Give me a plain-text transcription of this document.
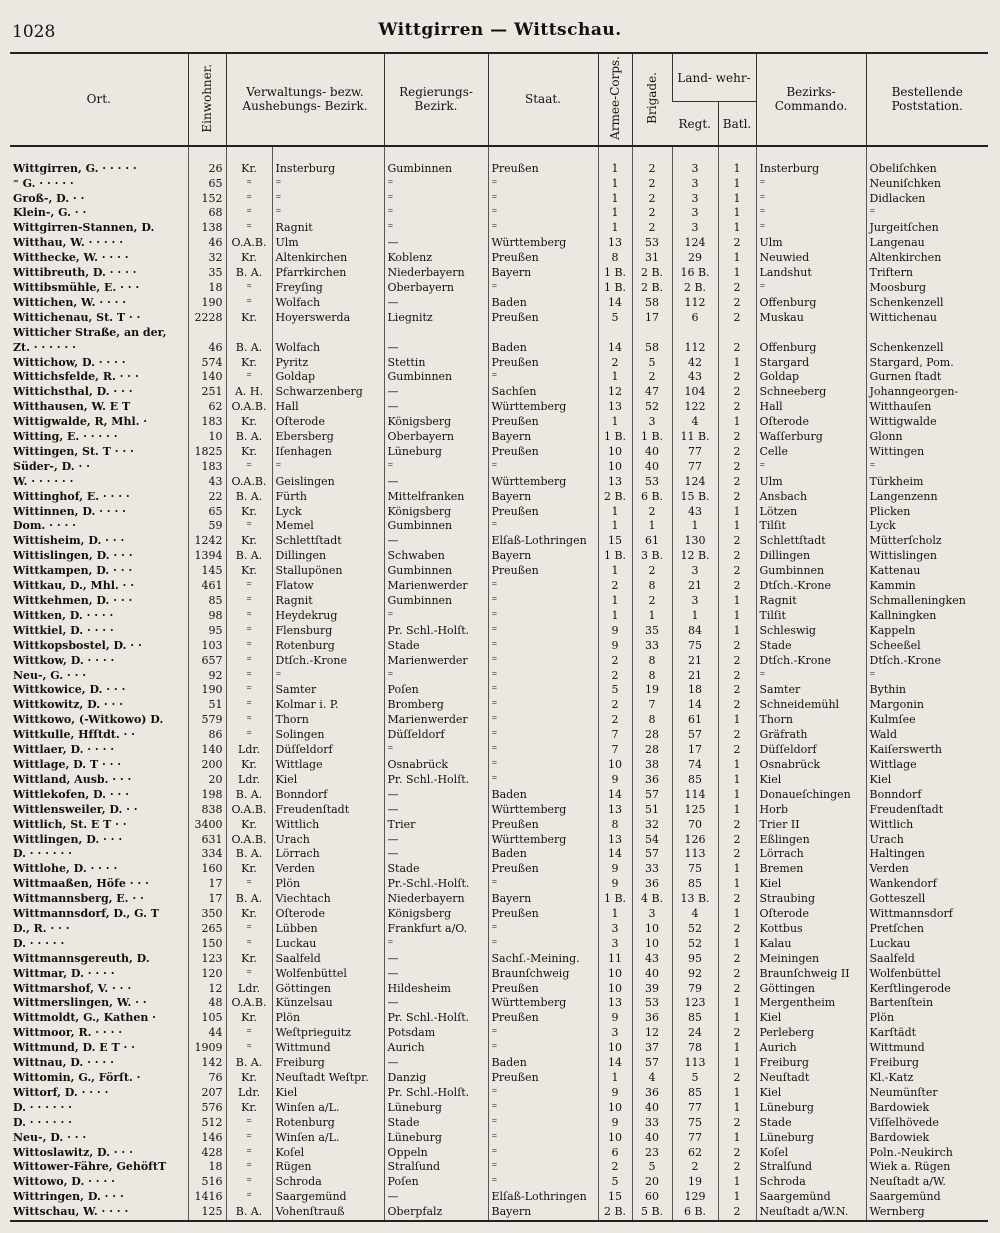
1028	Wittgirren — Wittschau.
Ort.	Einwohner.	Verwaltungs- bezw. Aushebungs- Bezirk.		Regierungs- Bezirk.	Staat.	Armee-Corps.	Brigade.	Land- wehr-		Bezirks- Commando.	Bestellende Poststation.
								Regt.	Batl.		

Wittgirren, G. · · · · ·	26	Kr.	Insterburg	Gumbinnen	Preußen	1	2	3	1	Insterburg	Obeliſchken
⁼ G. · · · · ·	65	⁼	⁼	⁼	⁼	1	2	3	1	⁼	Neuniſchken
Groß-, D. · ·	152	⁼	⁼	⁼	⁼	1	2	3	1	⁼	Didlacken
Klein-, G. · ·	68	⁼	⁼	⁼	⁼	1	2	3	1	⁼	⁼
Wittgirren-Stannen, D.	138	⁼	Ragnit	⁼	⁼	1	2	3	1	⁼	Jurgeitſchen
Witthau, W. · · · · ·	46	O.A.B.	Ulm	—	Württemberg	13	53	124	2	Ulm	Langenau
Witthecke, W. · · · ·	32	Kr.	Altenkirchen	Koblenz	Preußen	8	31	29	1	Neuwied	Altenkirchen
Wittibreuth, D. · · · ·	35	B. A.	Pfarrkirchen	Niederbayern	Bayern	1 B.	2 B.	16 B.	1	Landshut	Triftern
Wittibsmühle, E. · · ·	18	⁼	Freyſing	Oberbayern	⁼	1 B.	2 B.	2 B.	2	⁼	Moosburg
Wittichen, W. · · · ·	190	⁼	Wolfach	—	Baden	14	58	112	2	Offenburg	Schenkenzell
Wittichenau, St. T · ·	2228	Kr.	Hoyerswerda	Liegnitz	Preußen	5	17	6	2	Muskau	Wittichenau
Witticher Straße, an der,											
Zt. · · · · · ·	46	B. A.	Wolfach	—	Baden	14	58	112	2	Offenburg	Schenkenzell
Wittichow, D. · · · ·	574	Kr.	Pyritz	Stettin	Preußen	2	5	42	1	Stargard	Stargard, Pom.
Wittichsfelde, R. · · ·	140	⁼	Goldap	Gumbinnen	⁼	1	2	43	2	Goldap	Gurnen ſtadt
Wittichsthal, D. · · ·	251	A. H.	Schwarzenberg	—	Sachſen	12	47	104	2	Schneeberg	Johanngeorgen-
Witthausen, W. E T	62	O.A.B.	Hall	—	Württemberg	13	52	122	2	Hall	Witthauſen
Wittigwalde, R, Mhl. ·	183	Kr.	Oſterode	Königsberg	Preußen	1	3	4	1	Oſterode	Wittigwalde
Witting, E. · · · · ·	10	B. A.	Ebersberg	Oberbayern	Bayern	1 B.	1 B.	11 B.	2	Waſſerburg	Glonn
Wittingen, St. T · · ·	1825	Kr.	Iſenhagen	Lüneburg	Preußen	10	40	77	2	Celle	Wittingen
Süder-, D. · ·	183	⁼	⁼	⁼	⁼	10	40	77	2	⁼	⁼
W. · · · · · ·	43	O.A.B.	Geislingen	—	Württemberg	13	53	124	2	Ulm	Türkheim
Wittinghof, E. · · · ·	22	B. A.	Fürth	Mittelfranken	Bayern	2 B.	6 B.	15 B.	2	Ansbach	Langenzenn
Wittinnen, D. · · · ·	65	Kr.	Lyck	Königsberg	Preußen	1	2	43	1	Lötzen	Plicken
Dom. · · · ·	59	⁼	Memel	Gumbinnen	⁼	1	1	1	1	Tilſit	Lyck
Wittisheim, D. · · ·	1242	Kr.	Schlettſtadt	—	Elſaß-Lothringen	15	61	130	2	Schlettſtadt	Mütterſcholz
Wittislingen, D. · · ·	1394	B. A.	Dillingen	Schwaben	Bayern	1 B.	3 B.	12 B.	2	Dillingen	Wittislingen
Wittkampen, D. · · ·	145	Kr.	Stallupönen	Gumbinnen	Preußen	1	2	3	2	Gumbinnen	Kattenau
Wittkau, D., Mhl. · ·	461	⁼	Flatow	Marienwerder	⁼	2	8	21	2	Dtſch.-Krone	Kammin
Wittkehmen, D. · · ·	85	⁼	Ragnit	Gumbinnen	⁼	1	2	3	1	Ragnit	Schmalleningken
Wittken, D. · · · ·	98	⁼	Heydekrug	⁼	⁼	1	1	1	1	Tilſit	Kallningken
Wittkiel, D. · · · ·	95	⁼	Flensburg	Pr. Schl.-Holſt.	⁼	9	35	84	1	Schleswig	Kappeln
Wittkopsbostel, D. · ·	103	⁼	Rotenburg	Stade	⁼	9	33	75	2	Stade	Scheeßel
Wittkow, D. · · · ·	657	⁼	Dtſch.-Krone	Marienwerder	⁼	2	8	21	2	Dtſch.-Krone	Dtſch.-Krone
Neu-, G. · · ·	92	⁼	⁼	⁼	⁼	2	8	21	2	⁼	⁼
Wittkowice, D. · · ·	190	⁼	Samter	Poſen	⁼	5	19	18	2	Samter	Bythin
Wittkowitz, D. · · ·	51	⁼	Kolmar i. P.	Bromberg	⁼	2	7	14	2	Schneidemühl	Margonin
Wittkowo, (-Witkowo) D.	579	⁼	Thorn	Marienwerder	⁼	2	8	61	1	Thorn	Kulmſee
Wittkulle, Hfſtdt. · ·	86	⁼	Solingen	Düſſeldorf	⁼	7	28	57	2	Gräfrath	Wald
Wittlaer, D. · · · ·	140	Ldr.	Düſſeldorf	⁼	⁼	7	28	17	2	Düſſeldorf	Kaiſerswerth
Wittlage, D. T · · ·	200	Kr.	Wittlage	Osnabrück	⁼	10	38	74	1	Osnabrück	Wittlage
Wittland, Ausb. · · ·	20	Ldr.	Kiel	Pr. Schl.-Holſt.	⁼	9	36	85	1	Kiel	Kiel
Wittlekofen, D. · · ·	198	B. A.	Bonndorf	—	Baden	14	57	114	1	Donaueſchingen	Bonndorf
Wittlensweiler, D. · ·	838	O.A.B.	Freudenſtadt	—	Württemberg	13	51	125	1	Horb	Freudenſtadt
Wittlich, St. E T · ·	3400	Kr.	Wittlich	Trier	Preußen	8	32	70	2	Trier II	Wittlich
Wittlingen, D. · · ·	631	O.A.B.	Urach	—	Württemberg	13	54	126	2	Eßlingen	Urach
D. · · · · · ·	334	B. A.	Lörrach	—	Baden	14	57	113	2	Lörrach	Haltingen
Wittlohe, D. · · · ·	160	Kr.	Verden	Stade	Preußen	9	33	75	1	Bremen	Verden
Wittmaaßen, Höfe · · ·	17	⁼	Plön	Pr.-Schl.-Holſt.	⁼	9	36	85	1	Kiel	Wankendorf
Wittmannsberg, E. · ·	17	B. A.	Viechtach	Niederbayern	Bayern	1 B.	4 B.	13 B.	2	Straubing	Gotteszell
Wittmannsdorf, D., G. T	350	Kr.	Oſterode	Königsberg	Preußen	1	3	4	1	Oſterode	Wittmannsdorf
D., R. · · ·	265	⁼	Lübben	Frankfurt a/O.	⁼	3	10	52	2	Kottbus	Pretſchen
D. · · · · ·	150	⁼	Luckau	⁼	⁼	3	10	52	1	Kalau	Luckau
Wittmannsgereuth, D.	123	Kr.	Saalfeld	—	Sachſ.-Meining.	11	43	95	2	Meiningen	Saalfeld
Wittmar, D. · · · ·	120	⁼	Wolfenbüttel	—	Braunſchweig	10	40	92	2	Braunſchweig II	Wolfenbüttel
Wittmarshof, V. · · ·	12	Ldr.	Göttingen	Hildesheim	Preußen	10	39	79	2	Göttingen	Kerſtlingerode
Wittmerslingen, W. · ·	48	O.A.B.	Künzelsau	—	Württemberg	13	53	123	1	Mergentheim	Bartenſtein
Wittmoldt, G., Kathen ·	105	Kr.	Plön	Pr. Schl.-Holſt.	Preußen	9	36	85	1	Kiel	Plön
Wittmoor, R. · · · ·	44	⁼	Weſtprieguitz	Potsdam	⁼	3	12	24	2	Perleberg	Karſtädt
Wittmund, D. E T · ·	1909	⁼	Wittmund	Aurich	⁼	10	37	78	1	Aurich	Wittmund
Wittnau, D. · · · ·	142	B. A.	Freiburg	—	Baden	14	57	113	1	Freiburg	Freiburg
Wittomin, G., Förſt. ·	76	Kr.	Neuſtadt Weſtpr.	Danzig	Preußen	1	4	5	2	Neuſtadt	Kl.-Katz
Wittorf, D. · · · ·	207	Ldr.	Kiel	Pr. Schl.-Holſt.	⁼	9	36	85	1	Kiel	Neumünſter
D. · · · · · ·	576	Kr.	Winſen a/L.	Lüneburg	⁼	10	40	77	1	Lüneburg	Bardowiek
D. · · · · · ·	512	⁼	Rotenburg	Stade	⁼	9	33	75	2	Stade	Viſſelhövede
Neu-, D. · · ·	146	⁼	Winſen a/L.	Lüneburg	⁼	10	40	77	1	Lüneburg	Bardowiek
Wittoslawitz, D. · · ·	428	⁼	Koſel	Oppeln	⁼	6	23	62	2	Koſel	Poln.-Neukirch
Wittower-Fähre, GehöftT	18	⁼	Rügen	Stralſund	⁼	2	5	2	2	Stralſund	Wiek a. Rügen
Wittowo, D. · · · ·	516	⁼	Schroda	Poſen	⁼	5	20	19	1	Schroda	Neuſtadt a/W.
Wittringen, D. · · ·	1416	⁼	Saargemünd	—	Elſaß-Lothringen	15	60	129	1	Saargemünd	Saargemünd
Wittschau, W. · · · ·	125	B. A.	Vohenſtrauß	Oberpfalz	Bayern	2 B.	5 B.	6 B.	2	Neuſtadt a/W.N.	Wernberg
